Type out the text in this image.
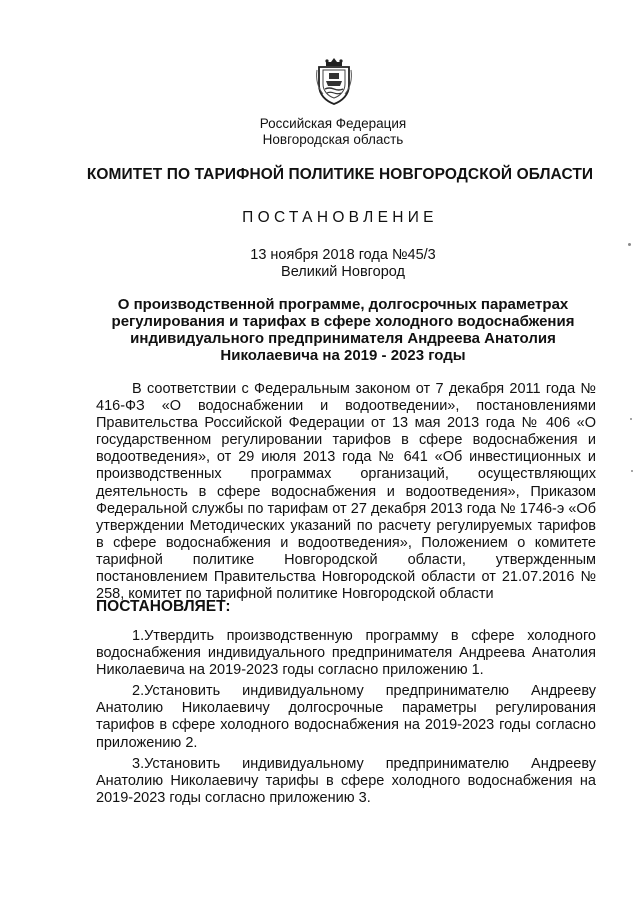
Российская Федерация
Новгородская область
КОМИТЕТ ПО ТАРИФНОЙ ПОЛИТИКЕ НОВГОРОДСКОЙ ОБЛАСТИ
ПОСТАНОВЛЕНИЕ
13 ноября 2018 года №45/3
Великий Новгород
О производственной программе, долгосрочных параметрах регулирования и тарифах в сфере холодного водоснабжения индивидуального предпринимателя Андреева Анатолия Николаевича на 2019 - 2023 годы

В соответствии с Федеральным законом от 7 декабря 2011 года № 416-ФЗ «О водоснабжении и водоотведении», постановлениями Правительства Российской Федерации от 13 мая 2013 года № 406 «О государственном регулировании тарифов в сфере водоснабжения и водоотведения», от 29 июля 2013 года № 641 «Об инвестиционных и производственных программах организаций, осуществляющих деятельность в сфере водоснабжения и водоотведения», Приказом Федеральной службы по тарифам от 27 декабря 2013 года № 1746-э «Об утверждении Методических указаний по расчету регулируемых тарифов в сфере водоснабжения и водоотведения», Положением о комитете тарифной политике Новгородской области, утвержденным постановлением Правительства Новгородской области от 21.07.2016 № 258, комитет по тарифной политике Новгородской области

ПОСТАНОВЛЯЕТ:

1.Утвердить производственную программу в сфере холодного водоснабжения индивидуального предпринимателя Андреева Анатолия Николаевича на 2019-2023 годы согласно приложению 1.

2.Установить индивидуальному предпринимателю Андрееву Анатолию Николаевичу долгосрочные параметры регулирования тарифов в сфере холодного водоснабжения на 2019-2023 годы согласно приложению 2.

3.Установить индивидуальному предпринимателю Андрееву Анатолию Николаевичу тарифы в сфере холодного водоснабжения на 2019-2023 годы согласно приложению 3.
